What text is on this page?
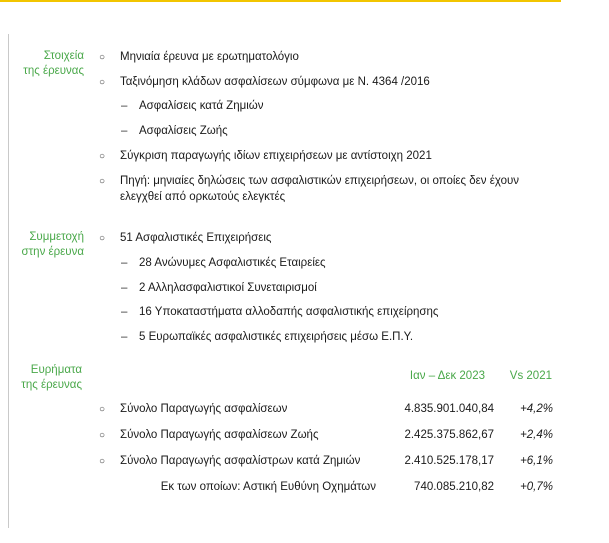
Στοιχεία
της έρευνας
○ Μηνιαία έρευνα με ερωτηματολόγιο
○ Ταξινόμηση κλάδων ασφαλίσεων σύμφωνα με Ν. 4364 /2016
– Ασφαλίσεις κατά Ζημιών
– Ασφαλίσεις Ζωής
○ Σύγκριση παραγωγής ιδίων επιχειρήσεων με αντίστοιχη 2021
○ Πηγή: μηνιαίες δηλώσεις των ασφαλιστικών επιχειρήσεων, οι οποίες δεν έχουν
ελεγχθεί από ορκωτούς ελεγκτές
Συμμετοχή
στην έρευνα
○ 51 Ασφαλιστικές Επιχειρήσεις
– 28 Ανώνυμες Ασφαλιστικές Εταιρείες
– 2 Αλληλασφαλιστικοί Συνεταιρισμοί
– 16 Υποκαταστήματα αλλοδαπής ασφαλιστικής επιχείρησης
– 5 Ευρωπαϊκές ασφαλιστικές επιχειρήσεις μέσω Ε.Π.Υ.
Ευρήματα
της έρευνας
Ιαν – Δεκ 2023 Vs 2021
○ Σύνολο Παραγωγής ασφαλίσεων	4.835.901.040,84 +4,2%
○ Σύνολο Παραγωγής ασφαλίσεων Ζωής	2.425.375.862,67 +2,4%
○ Σύνολο Παραγωγής ασφαλίστρων κατά Ζημιών	2.410.525.178,17 +6,1%
Εκ των οποίων: Αστική Ευθύνη Οχημάτων	740.085.210,82 +0,7%
